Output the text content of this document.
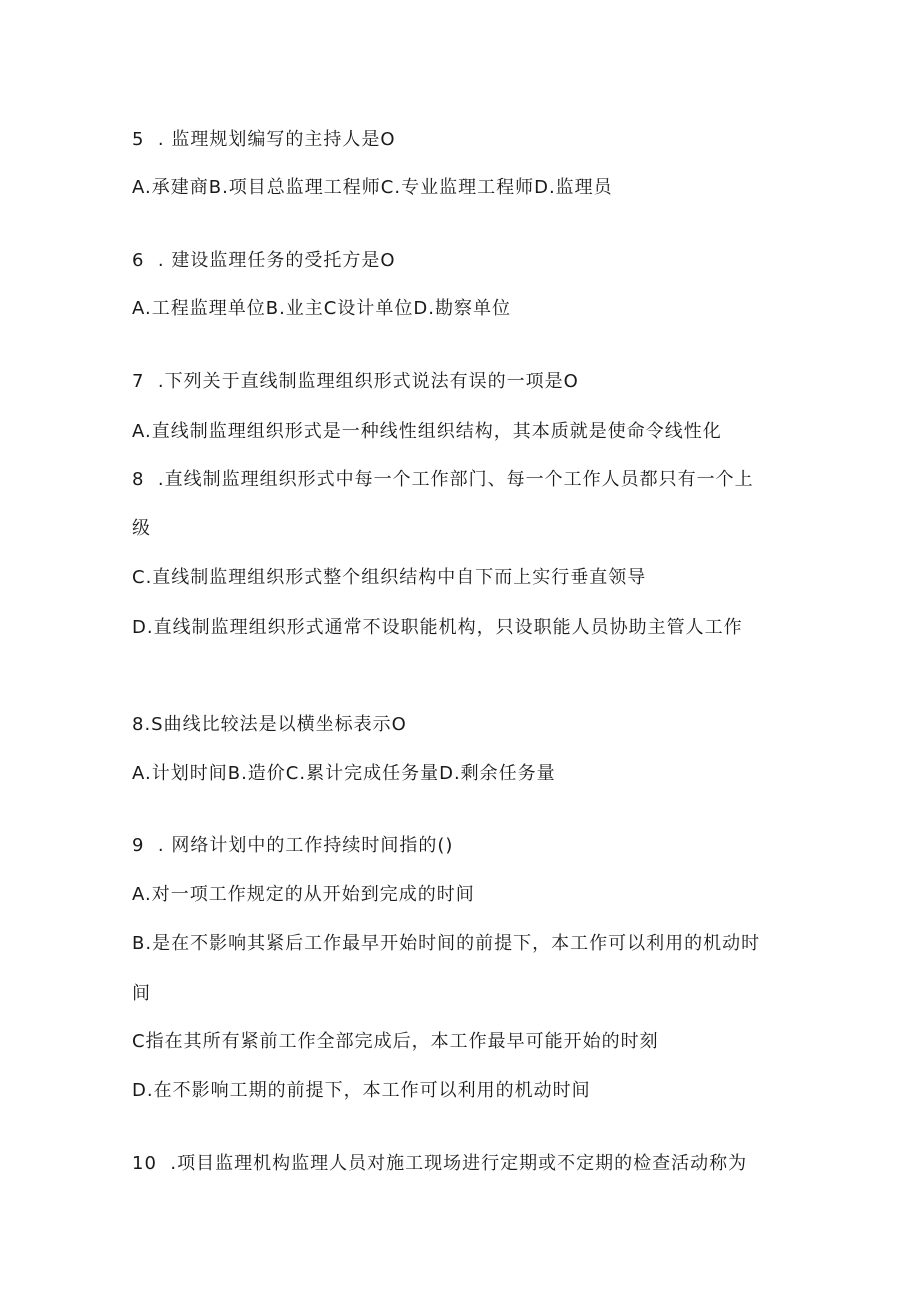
5  . 监理规划编写的主持人是O
A.承建商B.项目总监理工程师C.专业监理工程师D.监理员
6  . 建设监理任务的受托方是O
A.工程监理单位B.业主C设计单位D.勘察单位
7  .下列关于直线制监理组织形式说法有误的一项是O
A.直线制监理组织形式是一种线性组织结构，其本质就是使命令线性化
8  .直线制监理组织形式中每一个工作部门、每一个工作人员都只有一个上
级
C.直线制监理组织形式整个组织结构中自下而上实行垂直领导
D.直线制监理组织形式通常不设职能机构，只设职能人员协助主管人工作
8.S曲线比较法是以横坐标表示O
A.计划时间B.造价C.累计完成任务量D.剩余任务量
9  . 网络计划中的工作持续时间指的()
A.对一项工作规定的从开始到完成的时间
B.是在不影响其紧后工作最早开始时间的前提下，本工作可以利用的机动时
间
C指在其所有紧前工作全部完成后，本工作最早可能开始的时刻
D.在不影响工期的前提下，本工作可以利用的机动时间
10  .项目监理机构监理人员对施工现场进行定期或不定期的检查活动称为
